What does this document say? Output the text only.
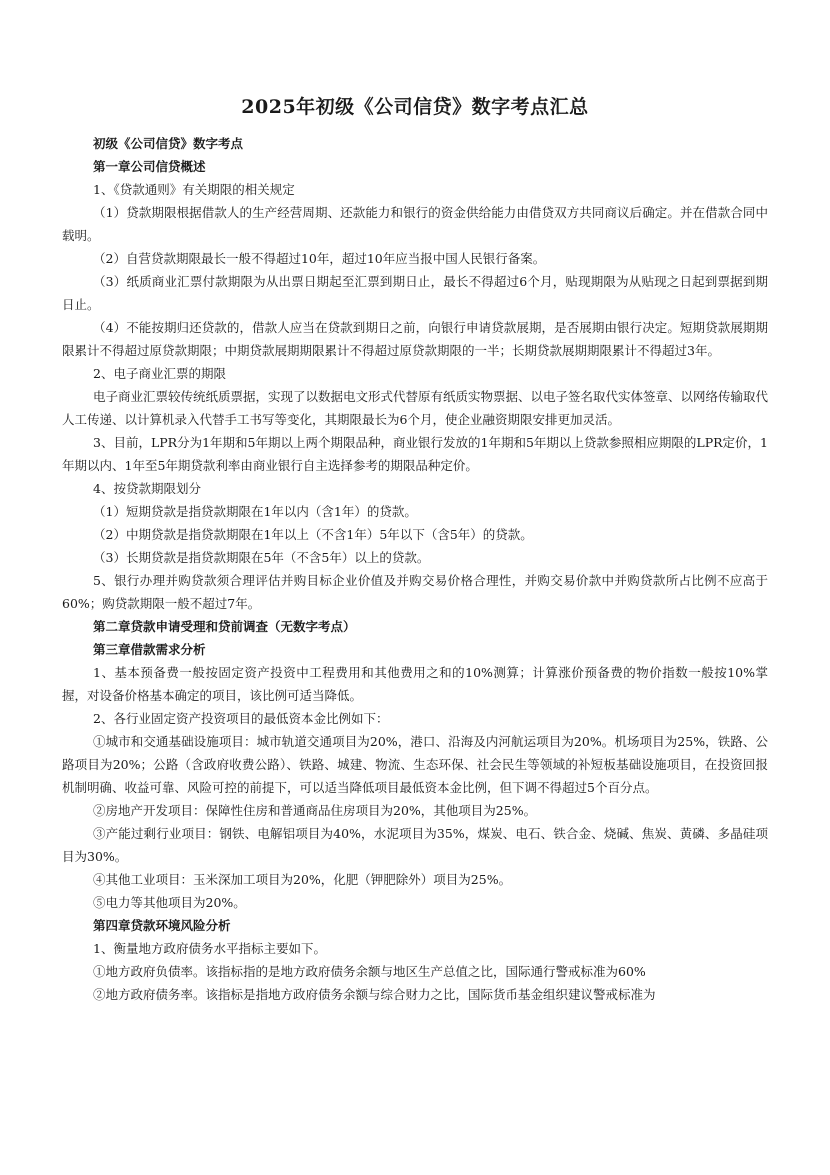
2025年初级《公司信贷》数字考点汇总

初级《公司信贷》数字考点

第一章公司信贷概述

1、《贷款通则》有关期限的相关规定

（1）贷款期限根据借款人的生产经营周期、还款能力和银行的资金供给能力由借贷双方共同商议后确定。并在借款合同中载明。

（2）自营贷款期限最长一般不得超过10年，超过10年应当报中国人民银行备案。

（3）纸质商业汇票付款期限为从出票日期起至汇票到期日止，最长不得超过6个月，贴现期限为从贴现之日起到票据到期日止。

（4）不能按期归还贷款的，借款人应当在贷款到期日之前，向银行申请贷款展期，是否展期由银行决定。短期贷款展期期限累计不得超过原贷款期限；中期贷款展期期限累计不得超过原贷款期限的一半；长期贷款展期期限累计不得超过3年。

2、电子商业汇票的期限

电子商业汇票较传统纸质票据，实现了以数据电文形式代替原有纸质实物票据、以电子签名取代实体签章、以网络传输取代人工传递、以计算机录入代替手工书写等变化，其期限最长为6个月，使企业融资期限安排更加灵活。

3、目前，LPR分为1年期和5年期以上两个期限品种，商业银行发放的1年期和5年期以上贷款参照相应期限的LPR定价，1年期以内、1年至5年期贷款利率由商业银行自主选择参考的期限品种定价。

4、按贷款期限划分

（1）短期贷款是指贷款期限在1年以内（含1年）的贷款。

（2）中期贷款是指贷款期限在1年以上（不含1年）5年以下（含5年）的贷款。

（3）长期贷款是指贷款期限在5年（不含5年）以上的贷款。

5、银行办理并购贷款须合理评估并购目标企业价值及并购交易价格合理性，并购交易价款中并购贷款所占比例不应高于60%；购贷款期限一般不超过7年。

第二章贷款申请受理和贷前调查（无数字考点）

第三章借款需求分析

1、基本预备费一般按固定资产投资中工程费用和其他费用之和的10%测算；计算涨价预备费的物价指数一般按10%掌握，对设备价格基本确定的项目，该比例可适当降低。

2、各行业固定资产投资项目的最低资本金比例如下：

①城市和交通基础设施项目：城市轨道交通项目为20%，港口、沿海及内河航运项目为20%。机场项目为25%，铁路、公路项目为20%；公路（含政府收费公路）、铁路、城建、物流、生态环保、社会民生等领域的补短板基础设施项目，在投资回报机制明确、收益可靠、风险可控的前提下，可以适当降低项目最低资本金比例，但下调不得超过5个百分点。

②房地产开发项目：保障性住房和普通商品住房项目为20%，其他项目为25%。

③产能过剩行业项目：钢铁、电解铝项目为40%，水泥项目为35%，煤炭、电石、铁合金、烧碱、焦炭、黄磷、多晶硅项目为30%。

④其他工业项目：玉米深加工项目为20%，化肥（钾肥除外）项目为25%。

⑤电力等其他项目为20%。

第四章贷款环境风险分析

1、衡量地方政府债务水平指标主要如下。

①地方政府负债率。该指标指的是地方政府债务余额与地区生产总值之比，国际通行警戒标准为60%

②地方政府债务率。该指标是指地方政府债务余额与综合财力之比，国际货币基金组织建议警戒标准为
